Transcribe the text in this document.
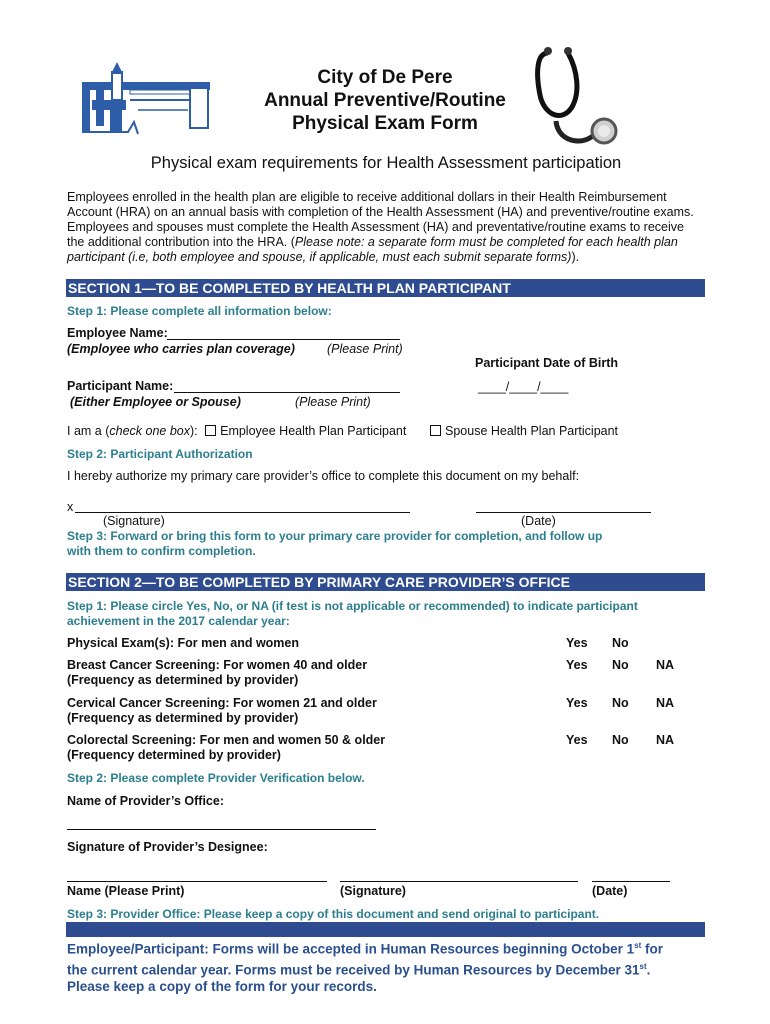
City of De Pere
Annual Preventive/Routine
Physical Exam Form
Physical exam requirements for Health Assessment participation
Employees enrolled in the health plan are eligible to receive additional dollars in their Health Reimbursement
Account (HRA) on an annual basis with completion of the Health Assessment (HA) and preventive/routine exams.
Employees and spouses must complete the Health Assessment (HA) and preventative/routine exams to receive
the additional contribution into the HRA. (Please note: a separate form must be completed for each health plan
participant (i.e, both employee and spouse, if applicable, must each submit separate forms)).
SECTION 1—TO BE COMPLETED BY HEALTH PLAN PARTICIPANT
Step 1: Please complete all information below:
Employee Name:
(Employee who carries plan coverage)	(Please Print)
Participant Date of Birth
Participant Name:	____/____/____
(Either Employee or Spouse)	(Please Print)
I am a (check one box): Employee Health Plan Participant	Spouse Health Plan Participant
Step 2: Participant Authorization
I hereby authorize my primary care provider’s office to complete this document on my behalf:
x
(Signature)	(Date)
Step 3: Forward or bring this form to your primary care provider for completion, and follow up
with them to confirm completion.
SECTION 2—TO BE COMPLETED BY PRIMARY CARE PROVIDER’S OFFICE
Step 1: Please circle Yes, No, or NA (if test is not applicable or recommended) to indicate participant
achievement in the 2017 calendar year:
Physical Exam(s): For men and women	Yes No
Breast Cancer Screening: For women 40 and older
(Frequency as determined by provider)
Yes No NA
Cervical Cancer Screening: For women 21 and older
(Frequency as determined by provider)
Yes No NA
Colorectal Screening: For men and women 50 & older
(Frequency determined by provider)
Yes No NA
Step 2: Please complete Provider Verification below.
Name of Provider’s Office:
Signature of Provider’s Designee:
Name (Please Print)	(Signature)	(Date)
Step 3: Provider Office: Please keep a copy of this document and send original to participant.
Employee/Participant: Forms will be accepted in Human Resources beginning October 1st for
the current calendar year. Forms must be received by Human Resources by December 31st.
Please keep a copy of the form for your records.
